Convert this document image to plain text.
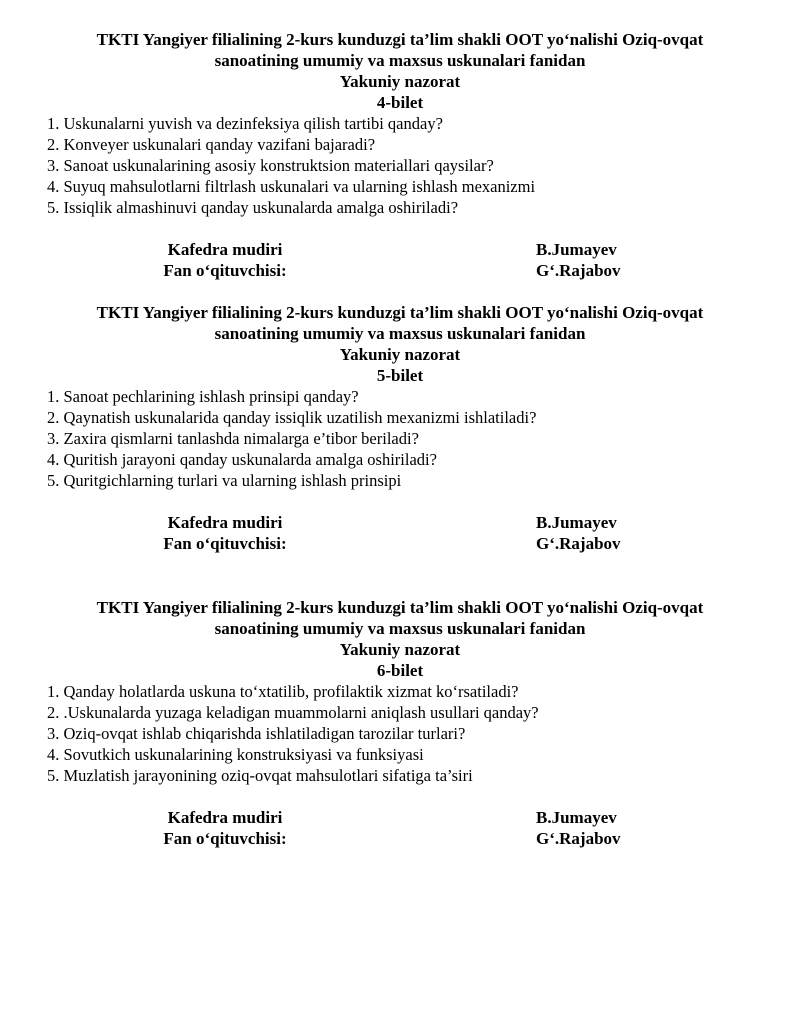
TKTI Yangiyer filialining 2-kurs kunduzgi ta’lim shakli OOT yo‘nalishi Oziq-ovqat
sanoatining umumiy va maxsus uskunalari fanidan

Yakuniy nazorat

4-bilet

1. Uskunalarni yuvish va dezinfeksiya qilish tartibi qanday?
2. Konveyer uskunalari qanday vazifani bajaradi?
3. Sanoat uskunalarining asosiy konstruktsion materiallari qaysilar?
4. Suyuq mahsulotlarni filtrlash uskunalari va ularning ishlash mexanizmi
5. Issiqlik almashinuvi qanday uskunalarda amalga oshiriladi?
Kafedra mudiri	B.Jumayev
Fan o‘qituvchisi:	G‘.Rajabov

TKTI Yangiyer filialining 2-kurs kunduzgi ta’lim shakli OOT yo‘nalishi Oziq-ovqat
sanoatining umumiy va maxsus uskunalari fanidan

Yakuniy nazorat

5-bilet

1. Sanoat pechlarining ishlash prinsipi qanday?
2. Qaynatish uskunalarida qanday issiqlik uzatilish mexanizmi ishlatiladi?
3. Zaxira qismlarni tanlashda nimalarga e’tibor beriladi?
4. Quritish jarayoni qanday uskunalarda amalga oshiriladi?
5. Quritgichlarning turlari va ularning ishlash prinsipi
Kafedra mudiri	B.Jumayev
Fan o‘qituvchisi:	G‘.Rajabov

TKTI Yangiyer filialining 2-kurs kunduzgi ta’lim shakli OOT yo‘nalishi Oziq-ovqat
sanoatining umumiy va maxsus uskunalari fanidan

Yakuniy nazorat

6-bilet

1. Qanday holatlarda uskuna to‘xtatilib, profilaktik xizmat ko‘rsatiladi?
2. .Uskunalarda yuzaga keladigan muammolarni aniqlash usullari qanday?
3. Oziq-ovqat ishlab chiqarishda ishlatiladigan tarozilar turlari?
4. Sovutkich uskunalarining konstruksiyasi va funksiyasi
5. Muzlatish jarayonining oziq-ovqat mahsulotlari sifatiga ta’siri
Kafedra mudiri	B.Jumayev
Fan o‘qituvchisi:	G‘.Rajabov
